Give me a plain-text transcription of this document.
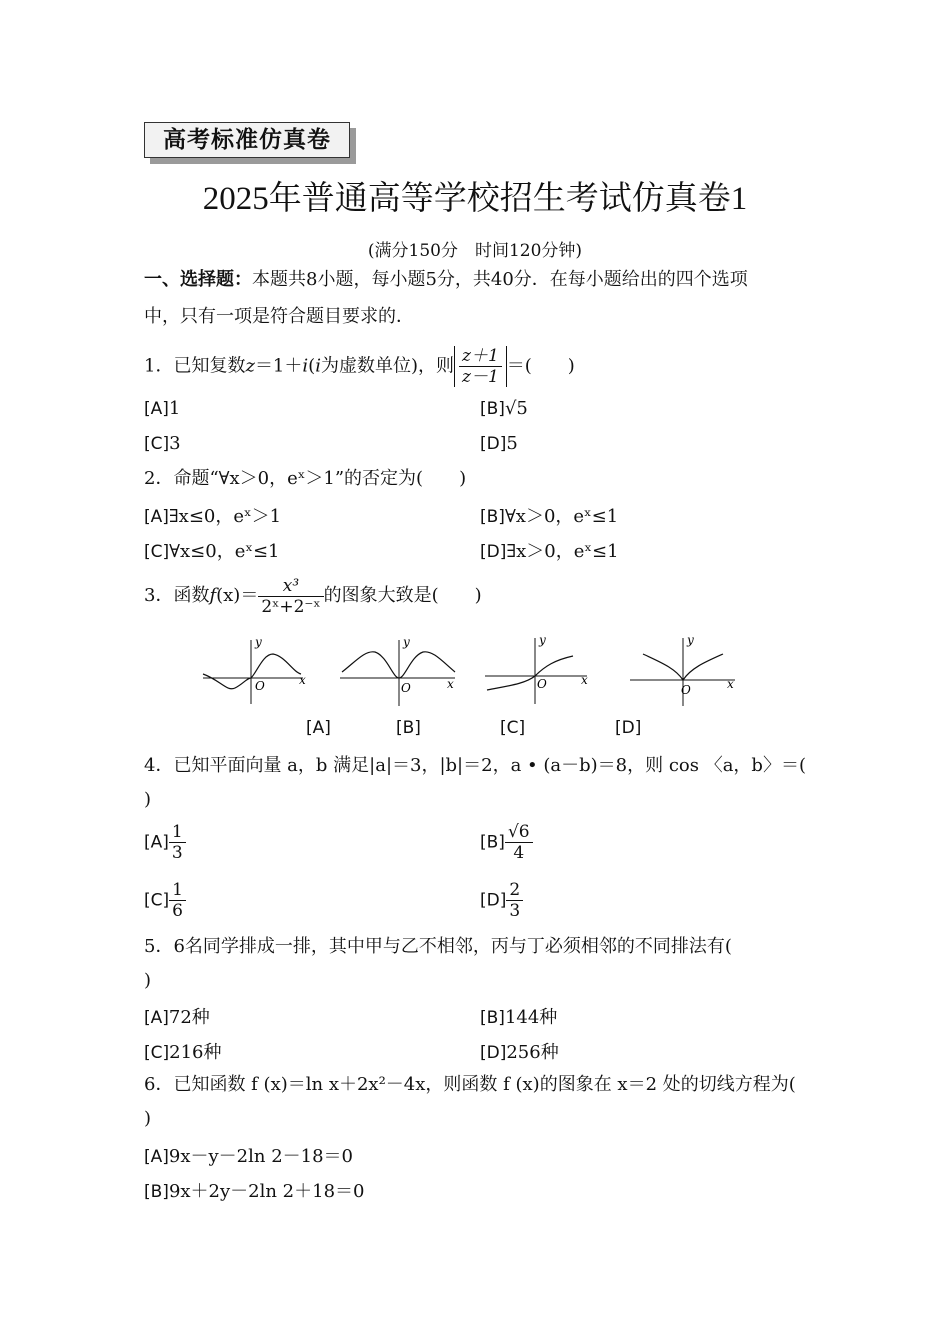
高考标准仿真卷
2025年普通高等学校招生考试仿真卷1
(满分150分　时间120分钟)
一、选择题：本题共8小题，每小题5分，共40分．在每小题给出的四个选项
中，只有一项是符合题目要求的．
1．已知复数z＝1＋i(i为虚数单位)，则 $\frac{z+1}{z-1}$ ＝(　　)
[A]1	[B]√5
[C]3	[D]5
2．命题“∀x＞0，eˣ＞1”的否定为(　　)
[A]∃x≤0，eˣ＞1	[B]∀x＞0，eˣ≤1
[C]∀x≤0，eˣ≤1	[D]∃x＞0，eˣ≤1
3．函数$f(x)= \frac{\text{x³}}{\text{2ˣ+2⁻ˣ}}$ 的图象大致是(　　)
y
O	x
y
O	x
y
O	x
y
O	x
[A]	[B]	[C]	[D]
4．已知平面向量 a，b 满足|a|＝3，|b|＝2，a • (a－b)＝8，则 cos 〈a，b〉＝(
)
$[A] \frac{1}{3}$	$[B] \frac{√6}{4}$
$[C] \frac{1}{6}$	$[D] \frac{2}{3}$
5．6名同学排成一排，其中甲与乙不相邻，丙与丁必须相邻的不同排法有(
)
[A]72种	[B]144种
[C]216种	[D]256种
6．已知函数 f (x)＝ln x＋2x²－4x，则函数 f (x)的图象在 x＝2 处的切线方程为(
)
[A]9x－y－2ln 2－18＝0
[B]9x＋2y－2ln 2＋18＝0
